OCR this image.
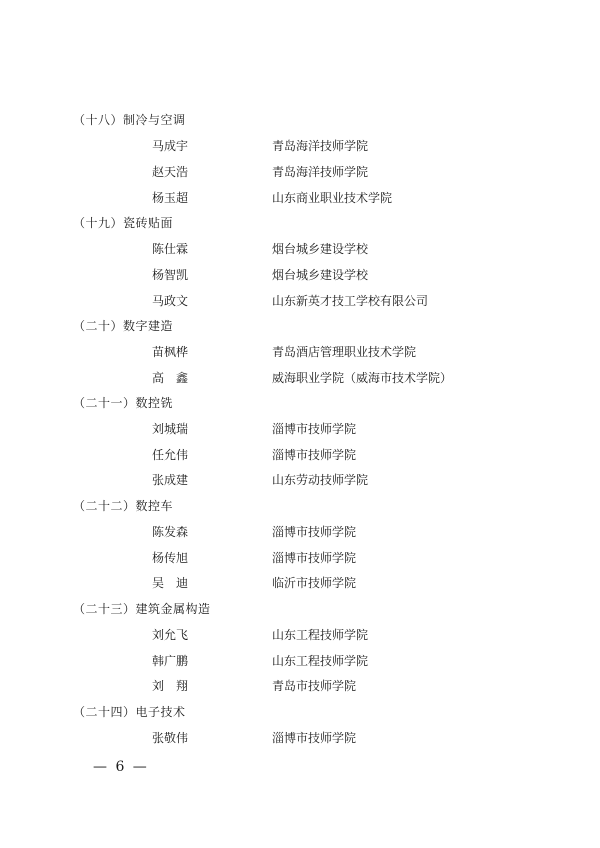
（十八）制冷与空调
马成宇	青岛海洋技师学院
赵天浩	青岛海洋技师学院
杨玉超	山东商业职业技术学院
（十九）瓷砖贴面
陈仕霖	烟台城乡建设学校
杨智凯	烟台城乡建设学校
马政文	山东新英才技工学校有限公司
（二十）数字建造
苗枫桦	青岛酒店管理职业技术学院
高　鑫	威海职业学院（威海市技术学院）
（二十一）数控铣
刘城瑞	淄博市技师学院
任允伟	淄博市技师学院
张成建	山东劳动技师学院
（二十二）数控车
陈发森	淄博市技师学院
杨传旭	淄博市技师学院
吴　迪	临沂市技师学院
（二十三）建筑金属构造
刘允飞	山东工程技师学院
韩广鹏	山东工程技师学院
刘　翔	青岛市技师学院
（二十四）电子技术
张敬伟	淄博市技师学院
— 6 —
